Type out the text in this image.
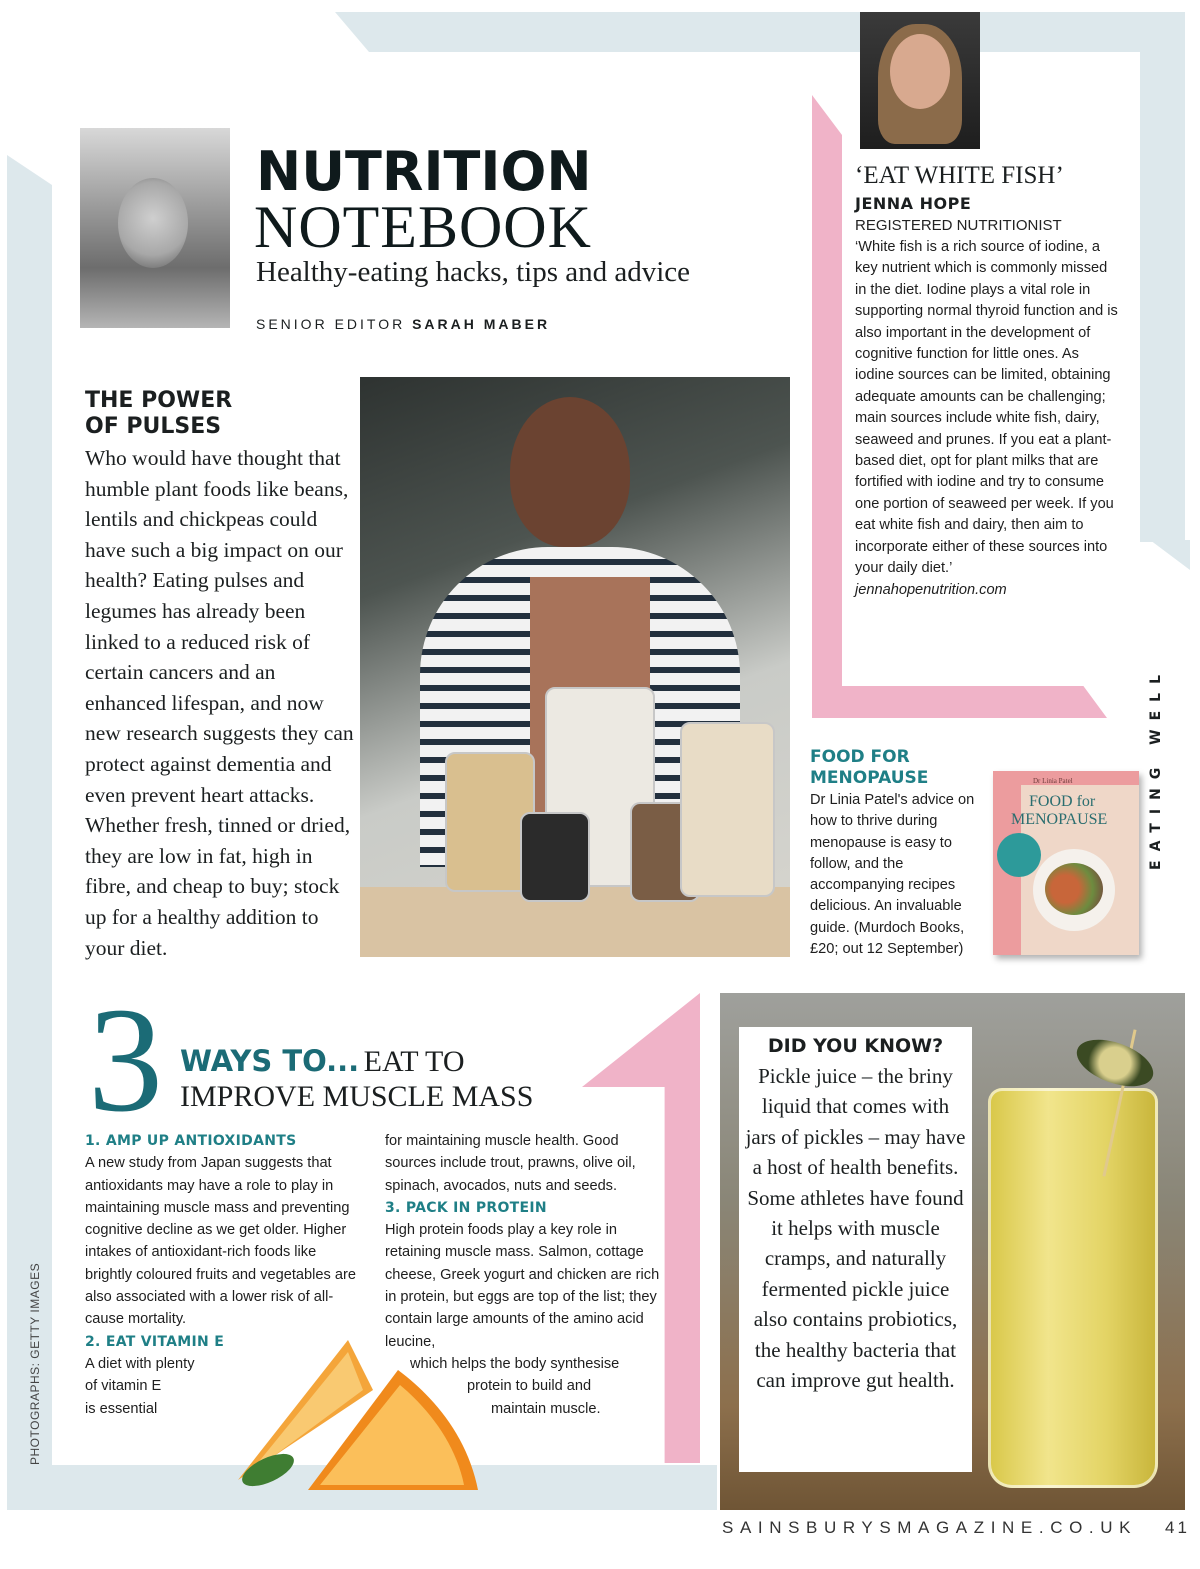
NUTRITION
NOTEBOOK
Healthy-eating hacks, tips and advice
SENIOR EDITOR SARAH MABER
THE POWER
OF PULSES
Who would have thought that humble plant foods like beans, lentils and chickpeas could have such a big impact on our health? Eating pulses and legumes has already been linked to a reduced risk of certain cancers and an enhanced lifespan, and now new research suggests they can protect against dementia and even prevent heart attacks. Whether fresh, tinned or dried, they are low in fat, high in fibre, and cheap to buy; stock up for a healthy addition to your diet.
‘EAT WHITE FISH’
JENNA HOPE
REGISTERED NUTRITIONIST
‘White fish is a rich source of iodine, a key nutrient which is commonly missed in the diet. Iodine plays a vital role in supporting normal thyroid function and is also important in the development of cognitive function for little ones. As iodine sources can be limited, obtaining adequate amounts can be challenging; main sources include white fish, dairy, seaweed and prunes. If you eat a plant-based diet, opt for plant milks that are fortified with iodine and try to consume one portion of seaweed per week. If you eat white fish and dairy, then aim to incorporate either of these sources into your daily diet.’
jennahopenutrition.com
EATING WELL
FOOD FOR
MENOPAUSE
Dr Linia Patel's advice on how to thrive during menopause is easy to follow, and the accompanying recipes delicious. An invaluable guide. (Murdoch Books, £20; out 12 September)
Dr Linia Patel
FOOD for
MENOPAUSE
3 WAYS TO... EAT TO
IMPROVE MUSCLE MASS
1. AMP UP ANTIOXIDANTS
A new study from Japan suggests that antioxidants may have a role to play in maintaining muscle mass and preventing cognitive decline as we get older. Higher intakes of antioxidant-rich foods like brightly coloured fruits and vegetables are also associated with a lower risk of all-cause mortality.
2. EAT VITAMIN E
A diet with plenty
of vitamin E
is essential
for maintaining muscle health. Good sources include trout, prawns, olive oil, spinach, avocados, nuts and seeds.
3. PACK IN PROTEIN
High protein foods play a key role in retaining muscle mass. Salmon, cottage cheese, Greek yogurt and chicken are rich in protein, but eggs are top of the list; they contain large amounts of the amino acid leucine,
which helps the body synthesise
protein to build and
maintain muscle.
DID YOU KNOW?
Pickle juice – the briny liquid that comes with jars of pickles – may have a host of health benefits. Some athletes have found it helps with muscle cramps, and naturally fermented pickle juice also contains probiotics, the healthy bacteria that can improve gut health.
PHOTOGRAPHS: GETTY IMAGES
SAINSBURYSMAGAZINE.CO.UK 41
